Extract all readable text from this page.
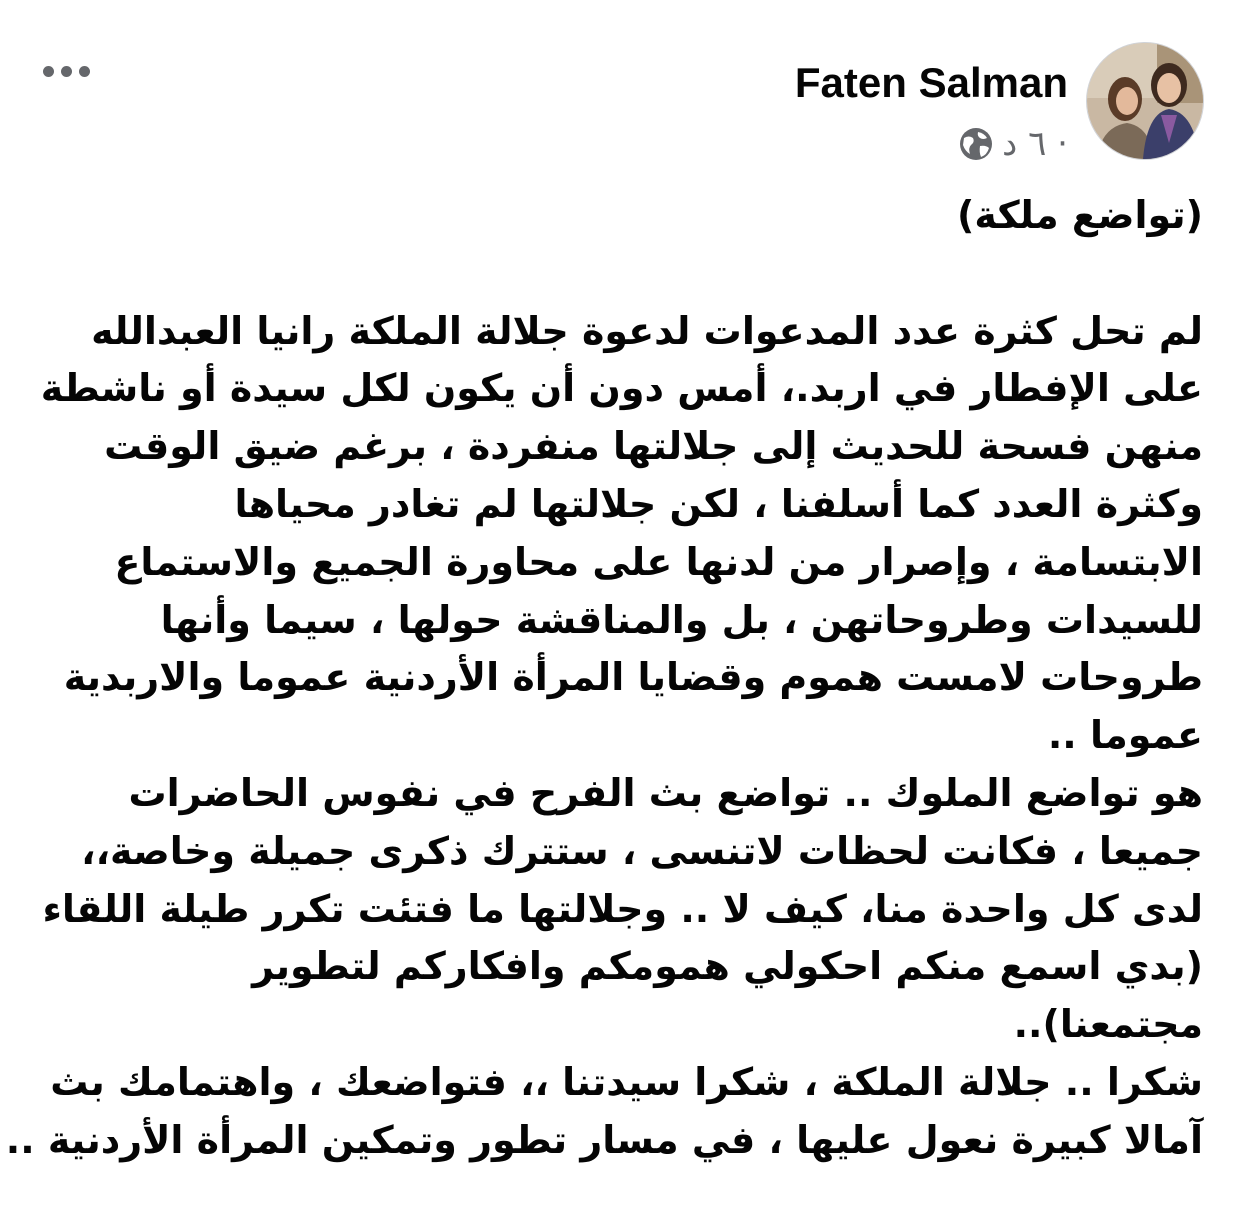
Faten Salman
٦ د ·
(تواضع ملكة)
لم تحل كثرة عدد المدعوات لدعوة جلالة الملكة رانيا العبدالله
على الإفطار في اربد.، أمس دون أن يكون لكل سيدة أو ناشطة
منهن فسحة للحديث إلى جلالتها منفردة ، برغم ضيق الوقت
وكثرة العدد كما أسلفنا ، لكن جلالتها لم تغادر محياها
الابتسامة ، وإصرار من لدنها على محاورة الجميع والاستماع
للسيدات وطروحاتهن ، بل والمناقشة حولها ، سيما وأنها
طروحات لامست هموم وقضايا المرأة الأردنية عموما والاربدية
عموما ..
هو تواضع الملوك .. تواضع بث الفرح في نفوس الحاضرات
جميعا ، فكانت لحظات لاتنسى ، ستترك ذكرى جميلة وخاصة،،
لدى كل واحدة منا، كيف لا .. وجلالتها ما فتئت تكرر طيلة اللقاء
(بدي اسمع منكم احكولي همومكم وافكاركم لتطوير
مجتمعنا)..
شكرا .. جلالة الملكة ، شكرا سيدتنا ،، فتواضعك ، واهتمامك بث
آمالا كبيرة نعول عليها ، في مسار تطور وتمكين المرأة الأردنية ..
